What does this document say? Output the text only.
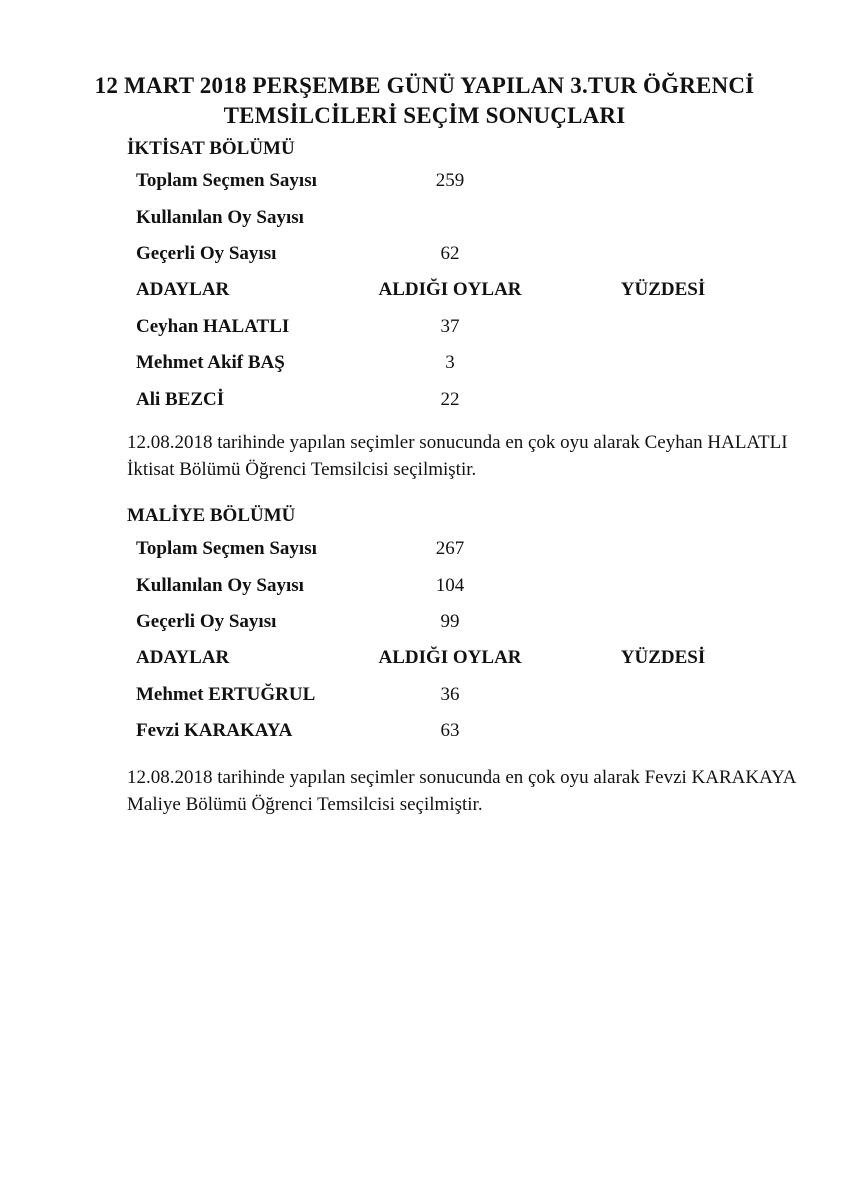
12 MART 2018 PERŞEMBE GÜNÜ YAPILAN 3.TUR ÖĞRENCİ
TEMSİLCİLERİ SEÇİM SONUÇLARI
İKTİSAT BÖLÜMÜ
Toplam Seçmen Sayısı	259
Kullanılan Oy Sayısı
Geçerli Oy Sayısı	62
ADAYLAR	ALDIĞI OYLAR	YÜZDESİ
Ceyhan HALATLI	37
Mehmet Akif BAŞ	3
Ali BEZCİ	22
12.08.2018 tarihinde yapılan seçimler sonucunda en çok oyu alarak Ceyhan HALATLI İktisat Bölümü Öğrenci Temsilcisi seçilmiştir.
MALİYE BÖLÜMÜ
Toplam Seçmen Sayısı	267
Kullanılan Oy Sayısı	104
Geçerli Oy Sayısı	99
ADAYLAR	ALDIĞI OYLAR	YÜZDESİ
Mehmet ERTUĞRUL	36
Fevzi KARAKAYA	63
12.08.2018 tarihinde yapılan seçimler sonucunda en çok oyu alarak Fevzi KARAKAYA Maliye Bölümü Öğrenci Temsilcisi seçilmiştir.
